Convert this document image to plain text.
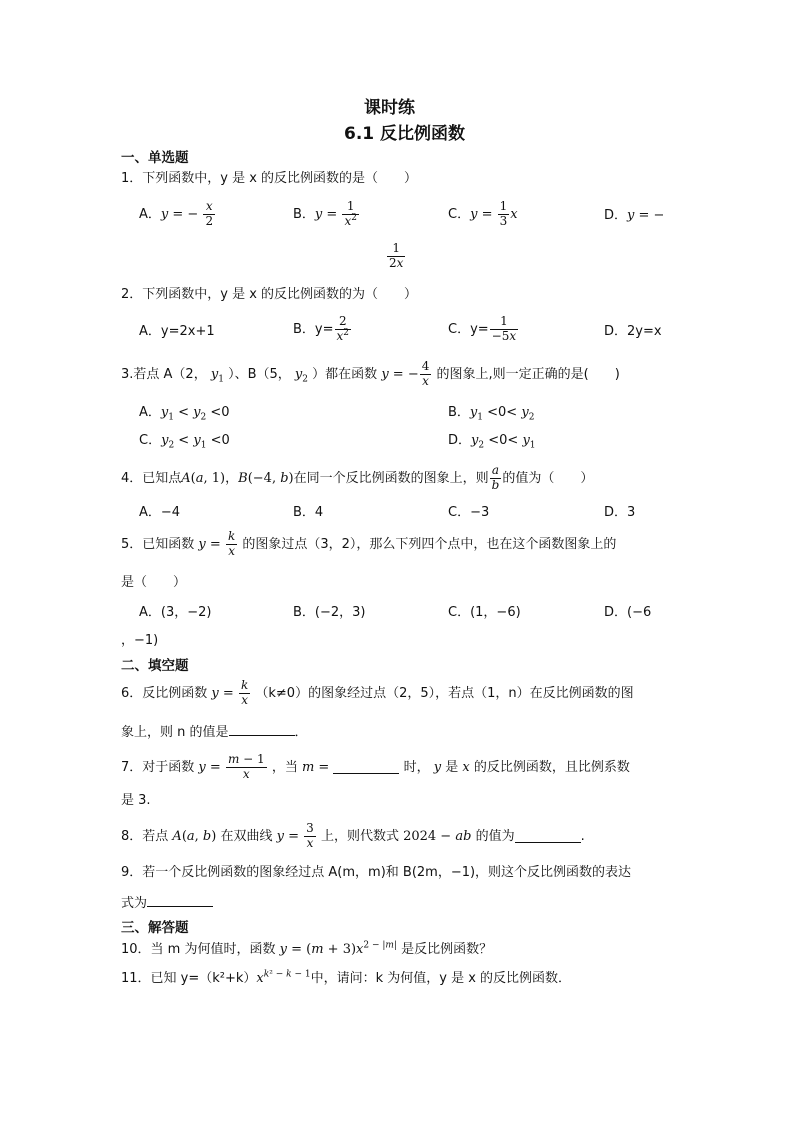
课时练
6.1 反比例函数
一、单选题
1．下列函数中，y 是 x 的反比例函数的是（　　）
A．y = − $\frac{x}{2}$	B．$y = \frac{1}{x^2}$	C．$y = \frac{1}{3}$ x	D．y = −
$\frac{1}{2x}$
2．下列函数中，y 是 x 的反比例函数的为（　　）
A．y=2x+1	B．$y= \frac{2}{x^2}$	C．$y= \frac{1}{-5x}$	D．2y=x
3.若点 A（2， $y_1$ ）、B（5， $y_2$ ）都在函数 y = − $\frac{4}{x}$ 的图象上,则一定正确的是(　　)
A．$y_1 < y_2 <0$	B．$y_1 <0< y_2$
C．$y_2 < y_1 <0$	D．$y_2 <0< y_1$
4．已知点A(a, 1)，B(−4, b)在同一个反比例函数的图象上，则 $\frac{a}{b}$ 的值为（　　）
A．−4	B．4	C．−3	D．3
5．已知函数 $y = \frac{k}{x}$ 的图象过点（3，2），那么下列四个点中，也在这个函数图象上的
是（　　）
A．(3，−2)	B．(−2，3)	C．(1，−6)	D．(−6
，−1)
二、填空题
6．反比例函数 $y = \frac{k}{x} (k\ne 0)$的图象经过点（2，5），若点（1，n）在反比例函数的图
象上，则 n 的值是	．
7．对于函数 $y = \frac{m - 1}{x}$ ，当 m =	时， y 是 x 的反比例函数，且比例系数
是 3.
8．若点 A(a, b) 在双曲线 $y = \frac{3}{x}$ 上，则代数式 2024 − ab 的值为	.
9．若一个反比例函数的图象经过点 A(m，m)和 B(2m，−1)，则这个反比例函数的表达
式为
三、解答题
10．当 m 为何值时，函数 $y = (m + 3)x^{2 - |m|}$ 是反比例函数？
11．已知 $y=(k^2+k)x^{k^2 - k - 1}$中，请问：k 为何值，y 是 x 的反比例函数．
